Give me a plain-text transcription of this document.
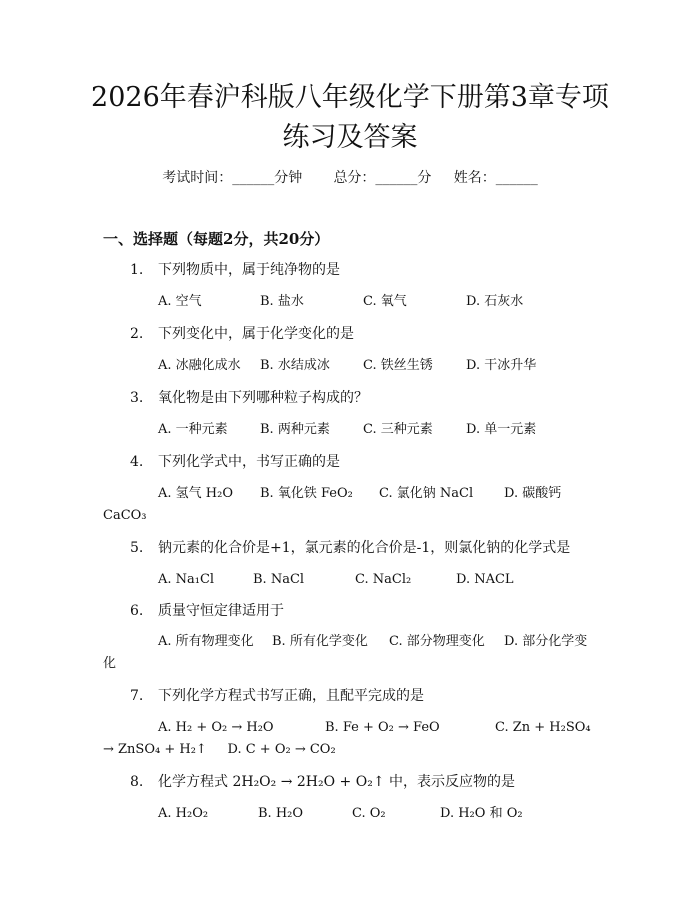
2026年春沪科版八年级化学下册第3章专项
练习及答案
考试时间：______分钟 总分：______分 姓名：______
一、选择题（每题2分，共20分）
1. 下列物质中，属于纯净物的是
A. 空气	B. 盐水	C. 氧气	D. 石灰水
2. 下列变化中，属于化学变化的是
A. 冰融化成水 B. 水结成冰	C. 铁丝生锈	D. 干冰升华
3. 氧化物是由下列哪种粒子构成的？
A. 一种元素 B. 两种元素	C. 三种元素	D. 单一元素
4. 下列化学式中，书写正确的是
A. 氢气 H₂O B. 氧化铁 FeO₂ C. 氯化钠 NaCl D. 碳酸钙
CaCO₃
5. 钠元素的化合价是+1，氯元素的化合价是-1，则氯化钠的化学式是
A. Na₁Cl	B. NaCl	C. NaCl₂	D. NACL
6. 质量守恒定律适用于
A. 所有物理变化 B. 所有化学变化 C. 部分物理变化 D. 部分化学变
化
7. 下列化学方程式书写正确，且配平完成的是
A. H₂ + O₂ → H₂O	B. Fe + O₂ → FeO	C. Zn + H₂SO₄
→ ZnSO₄ + H₂↑ D. C + O₂ → CO₂
8. 化学方程式 2H₂O₂ → 2H₂O + O₂↑ 中，表示反应物的是
A. H₂O₂	B. H₂O	C. O₂	D. H₂O 和 O₂
